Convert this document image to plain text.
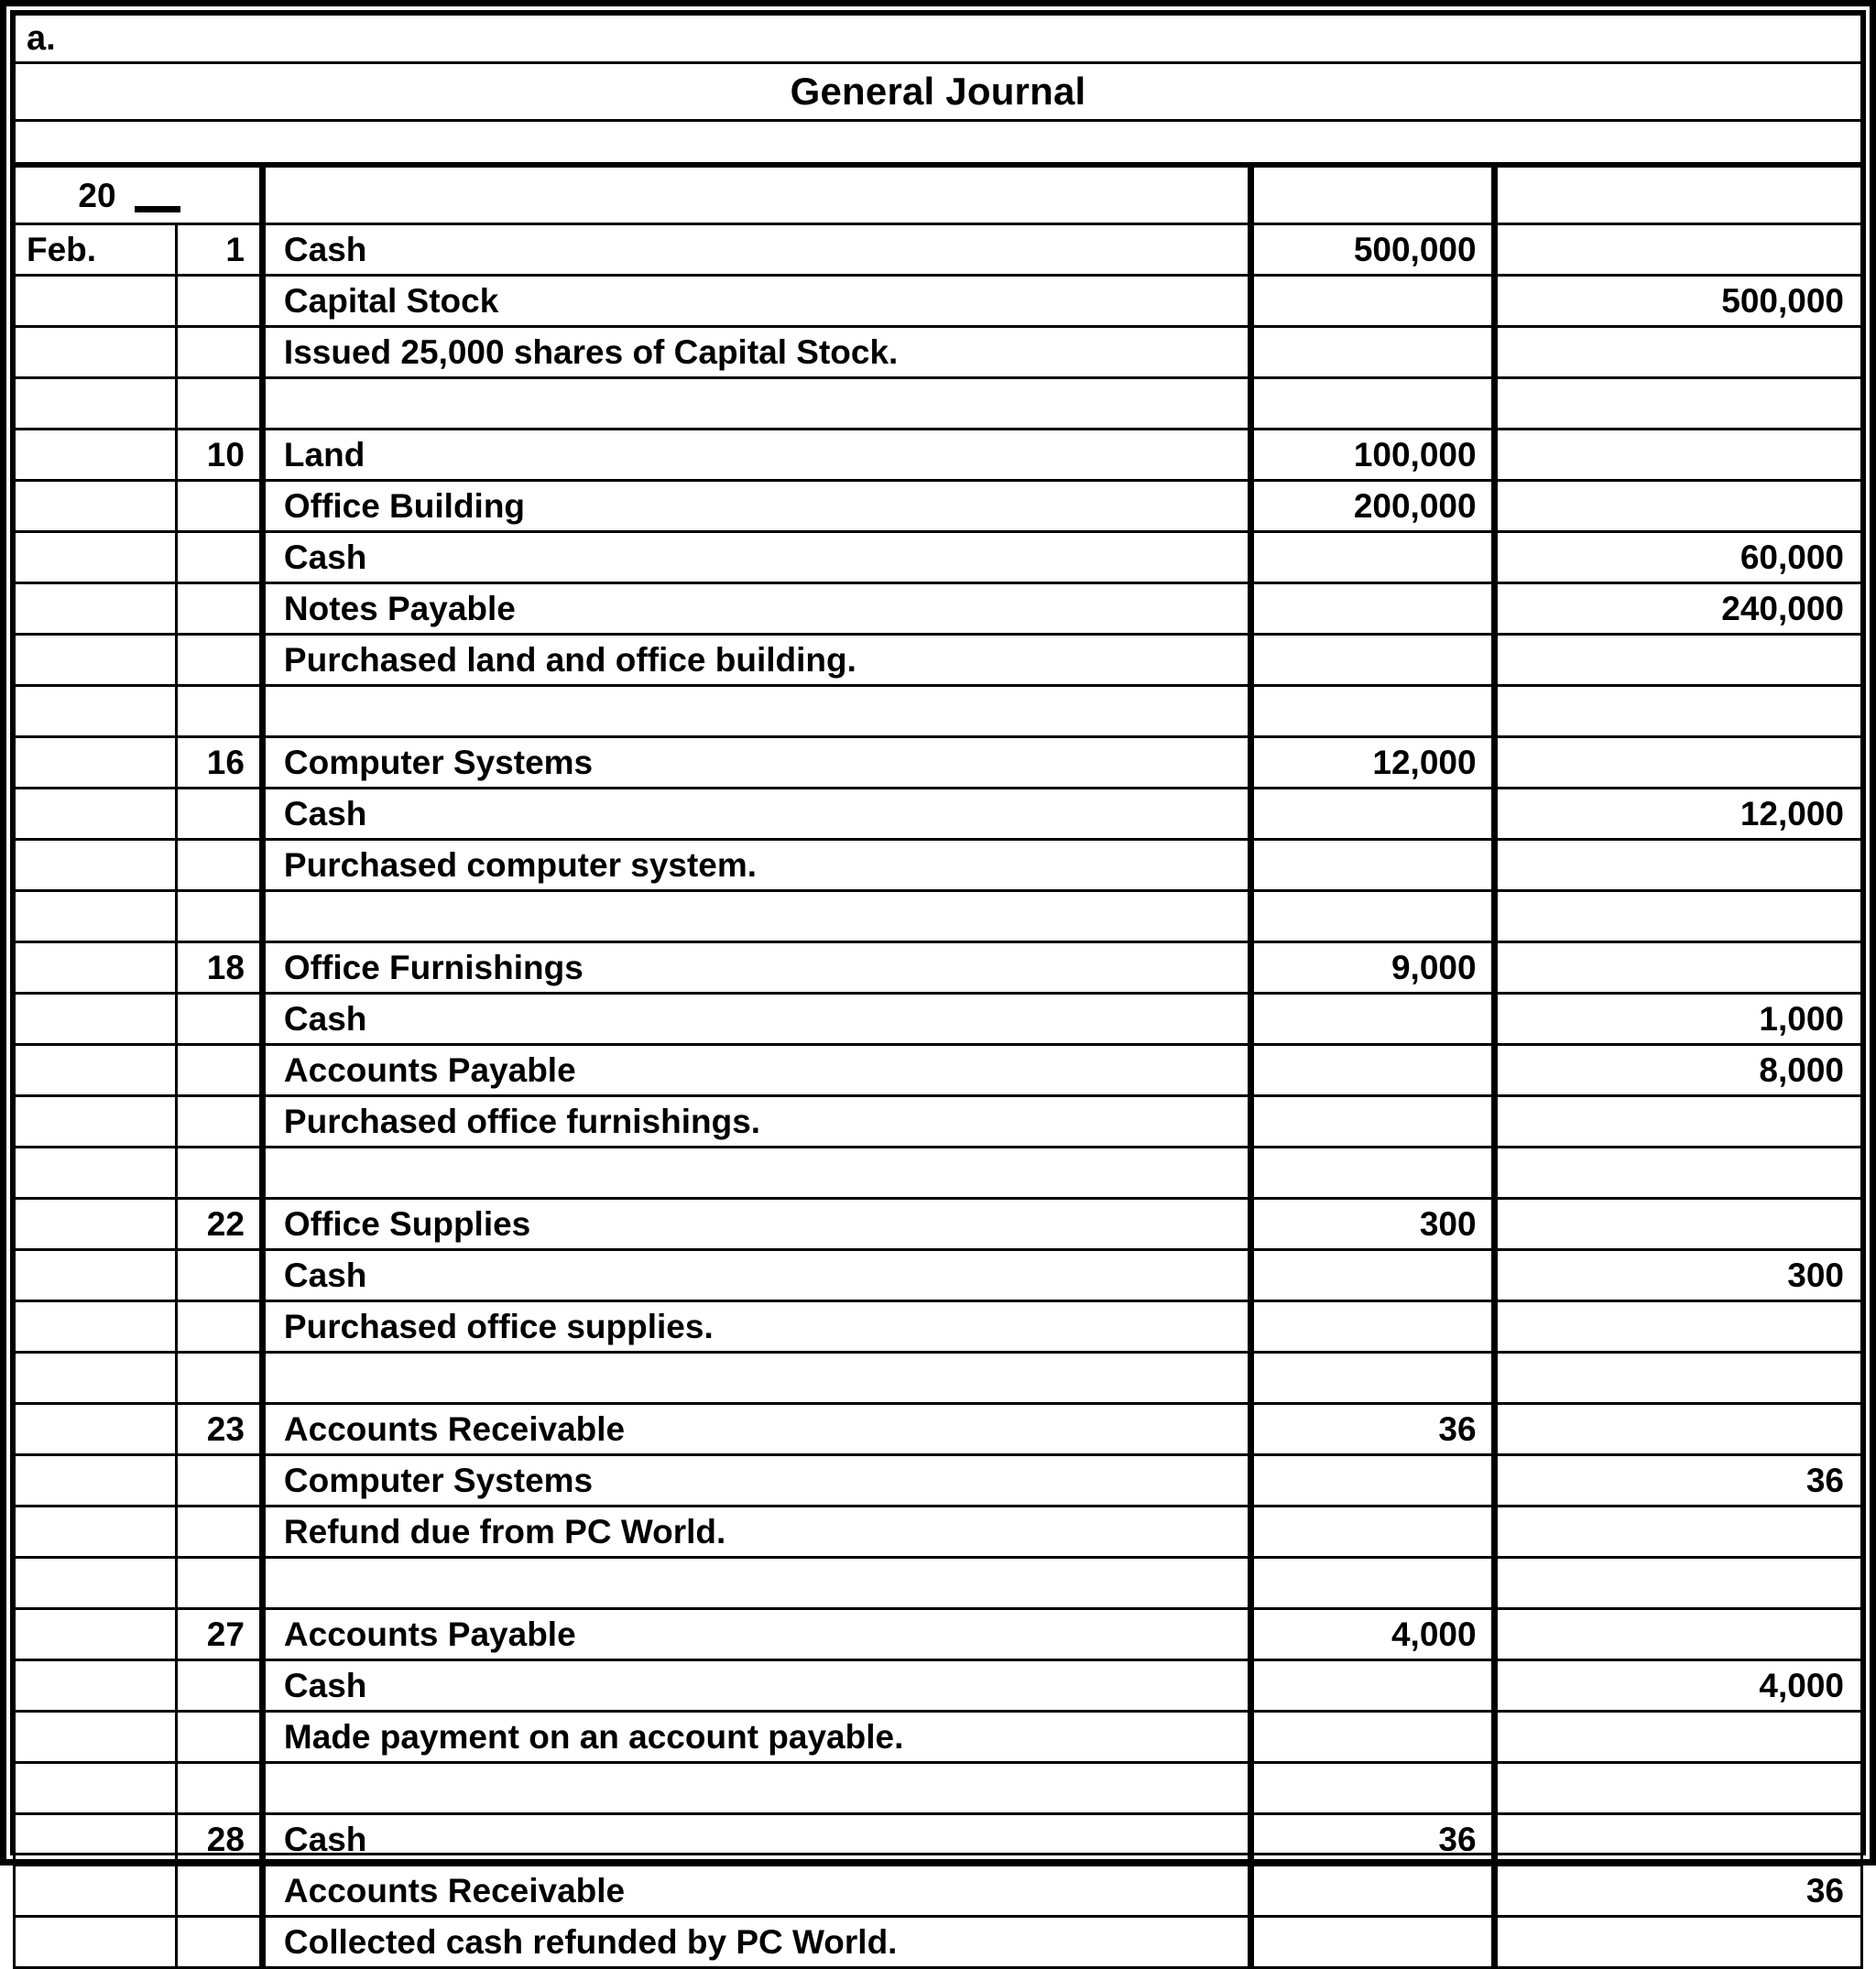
a.
General Journal

20				
Feb.	1	Cash	500,000	
		Capital Stock		500,000
		Issued 25,000 shares of Capital Stock.		

	10	Land	100,000	
		Office Building	200,000	
		Cash		60,000
		Notes Payable		240,000
		Purchased land and office building.		

	16	Computer Systems	12,000	
		Cash		12,000
		Purchased computer system.		

	18	Office Furnishings	9,000	
		Cash		1,000
		Accounts Payable		8,000
		Purchased office furnishings.		

	22	Office Supplies	300	
		Cash		300
		Purchased office supplies.		

	23	Accounts Receivable	36	
		Computer Systems		36
		Refund due from PC World.		

	27	Accounts Payable	4,000	
		Cash		4,000
		Made payment on an account payable.		

	28	Cash	36	
		Accounts Receivable		36
		Collected cash refunded by PC World.		
